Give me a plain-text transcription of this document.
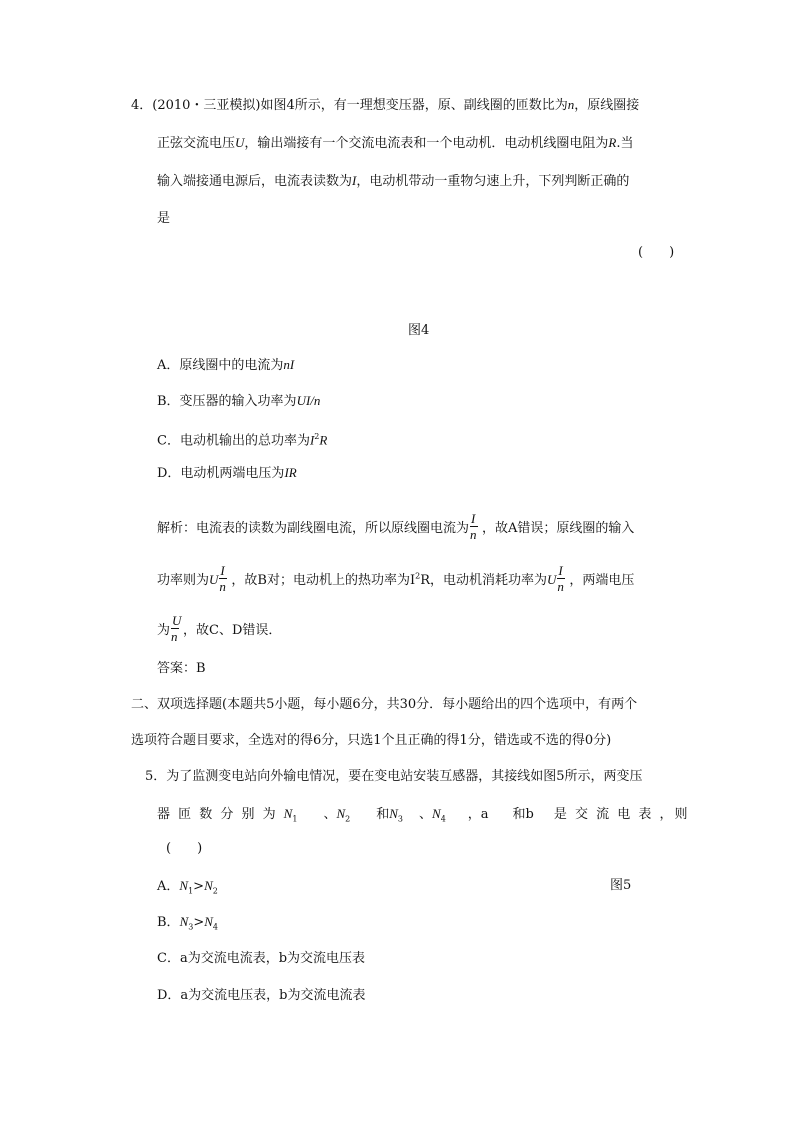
4．(2010・三亚模拟)如图4所示，有一理想变压器，原、副线圈的匝数比为n，原线圈接
正弦交流电压U，输出端接有一个交流电流表和一个电动机．电动机线圈电阻为R.当
输入端接通电源后，电流表读数为I，电动机带动一重物匀速上升，下列判断正确的
是
(　　)
图4
A．原线圈中的电流为nI
B．变压器的输入功率为UI/n
C．电动机输出的总功率为$I^2R$
D．电动机两端电压为IR
解析：电流表的读数为副线圈电流，所以原线圈电流为 $\frac{I}{n}$ ，故A错误；原线圈的输入
功率则为U $\frac{I}{n}$ ，故B对；电动机上的热功率为$I^2R$，电动机消耗功率为U $\frac{I}{n}$ ，两端电压
为 $\frac{U}{n}$ ，故C、D错误．
答案：B
二、双项选择题(本题共5小题，每小题6分，共30分．每小题给出的四个选项中，有两个
选项符合题目要求，全选对的得6分，只选1个且正确的得1分，错选或不选的得0分)
5．为了监测变电站向外输电情况，要在变电站安装互感器，其接线如图5所示，两变压
器 匝 数 分 别 为 $N_1$ 、$N_2$ 和$N_3$ 、$N_4$ ，a 和b 是 交 流 电 表 ，则
(　　)
A．$N_1>N_2$	图5
B．$N_3>N_4$
C．a为交流电流表，b为交流电压表
D．a为交流电压表，b为交流电流表
